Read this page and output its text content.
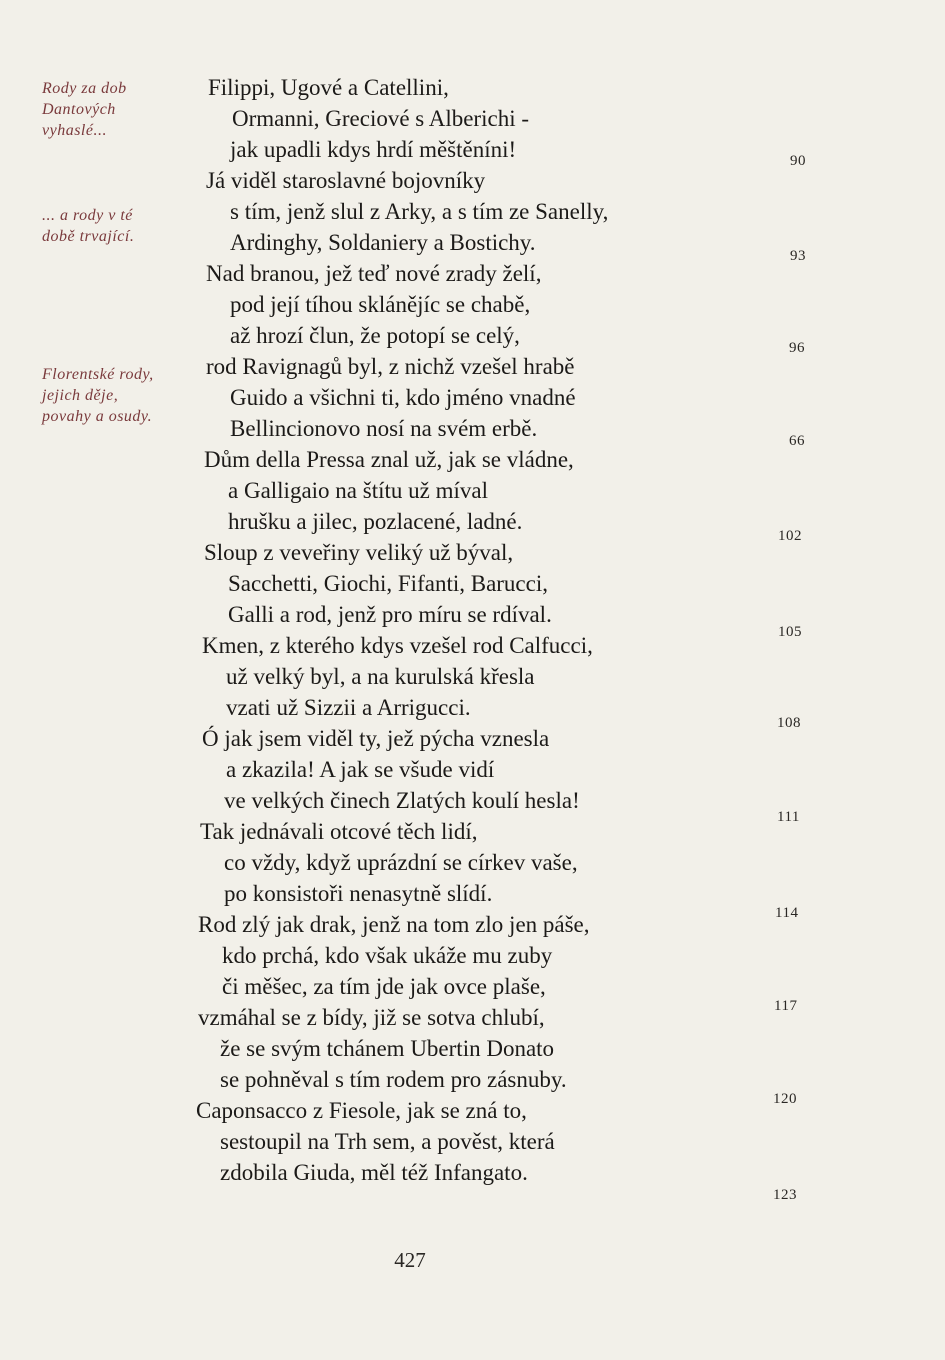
Rody za dob
Dantových
vyhaslé...
... a rody v té
době trvající.
Florentské rody,
jejich děje,
povahy a osudy.
Filippi, Ugové a Catellini,
Ormanni, Greciové s Alberichi -
jak upadli kdys hrdí měštěníni!
Já viděl staroslavné bojovníky
s tím, jenž slul z Arky, a s tím ze Sanelly,
Ardinghy, Soldaniery a Bostichy.
Nad branou, jež teď nové zrady želí,
pod její tíhou sklánějíc se chabě,
až hrozí člun, že potopí se celý,
rod Ravignagů byl, z nichž vzešel hrabě
Guido a všichni ti, kdo jméno vnadné
Bellincionovo nosí na svém erbě.
Dům della Pressa znal už, jak se vládne,
a Galligaio na štítu už míval
hrušku a jilec, pozlacené, ladné.
Sloup z veveřiny veliký už býval,
Sacchetti, Giochi, Fifanti, Barucci,
Galli a rod, jenž pro míru se rdíval.
Kmen, z kterého kdys vzešel rod Calfucci,
už velký byl, a na kurulská křesla
vzati už Sizzii a Arrigucci.
Ó jak jsem viděl ty, jež pýcha vznesla
a zkazila! A jak se všude vidí
ve velkých činech Zlatých koulí hesla!
Tak jednávali otcové těch lidí,
co vždy, když uprázdní se církev vaše,
po konsistoři nenasytně slídí.
Rod zlý jak drak, jenž na tom zlo jen páše,
kdo prchá, kdo však ukáže mu zuby
či měšec, za tím jde jak ovce plaše,
vzmáhal se z bídy, již se sotva chlubí,
že se svým tchánem Ubertin Donato
se pohněval s tím rodem pro zásnuby.
Caponsacco z Fiesole, jak se zná to,
sestoupil na Trh sem, a pověst, která
zdobila Giuda, měl též Infangato.
90
93
96
66
102
105
108
111
114
117
120
123
427
